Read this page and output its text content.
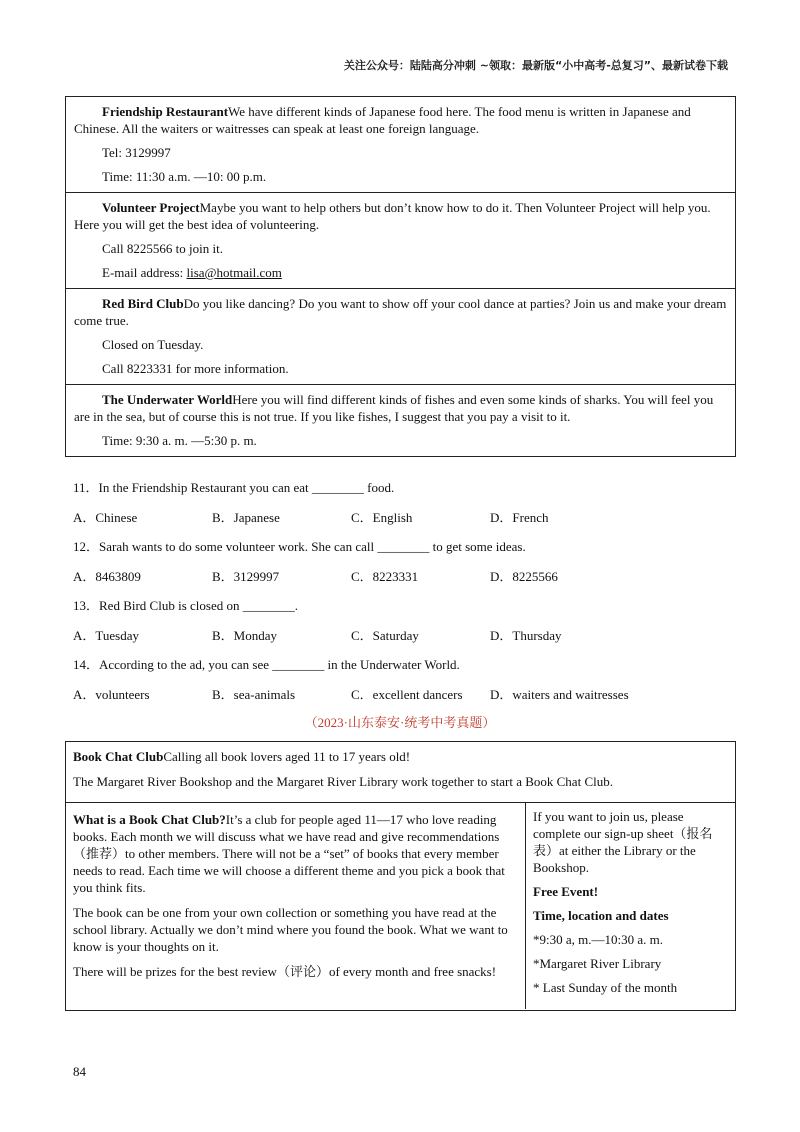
关注公众号：陆陆高分冲刺 ~领取：最新版“小中高考-总复习”、最新试卷下载

Friendship RestaurantWe have different kinds of Japanese food here. The food menu is written in Japanese and Chinese. All the waiters or waitresses can speak at least one foreign language.

Tel: 3129997

Time: 11:30 a.m. —10: 00 p.m.

Volunteer ProjectMaybe you want to help others but don’t know how to do it. Then Volunteer Project will help you. Here you will get the best idea of volunteering.

Call 8225566 to join it.

E-mail address: lisa@hotmail.com

Red Bird ClubDo you like dancing? Do you want to show off your cool dance at parties? Join us and make your dream come true.

Closed on Tuesday.

Call 8223331 for more information.

The Underwater WorldHere you will find different kinds of fishes and even some kinds of sharks. You will feel you are in the sea, but of course this is not true. If you like fishes, I suggest that you pay a visit to it.

Time: 9:30 a. m. —5:30 p. m.

11．In the Friendship Restaurant you can eat ________ food.
A．Chinese	B．Japanese	C．English	D．French
12．Sarah wants to do some volunteer work. She can call ________ to get some ideas.
A．8463809	B．3129997	C．8223331	D．8225566
13．Red Bird Club is closed on ________.
A．Tuesday	B．Monday	C．Saturday	D．Thursday
14．According to the ad, you can see ________ in the Underwater World.
A．volunteers	B．sea-animals	C．excellent dancers	D．waiters and waitresses
（2023·山东泰安·统考中考真题）

Book Chat ClubCalling all book lovers aged 11 to 17 years old!

The Margaret River Bookshop and the Margaret River Library work together to start a Book Chat Club.

What is a Book Chat Club?It’s a club for people aged 11—17 who love reading books. Each month we will discuss what we have read and give recommendations（推荐）to other members. There will not be a “set” of books that every member needs to read. Each time we will choose a different theme and you pick a book that you think fits.

The book can be one from your own collection or something you have read at the school library. Actually we don’t mind where you found the book. What we want to know is your thoughts on it.

There will be prizes for the best review（评论）of every month and free snacks!

If you want to join us, please complete our sign-up sheet（报名表）at either the Library or the Bookshop.

Free Event!

Time, location and dates

*9:30 a, m.—10:30 a. m.

*Margaret River Library

* Last Sunday of the month

84
